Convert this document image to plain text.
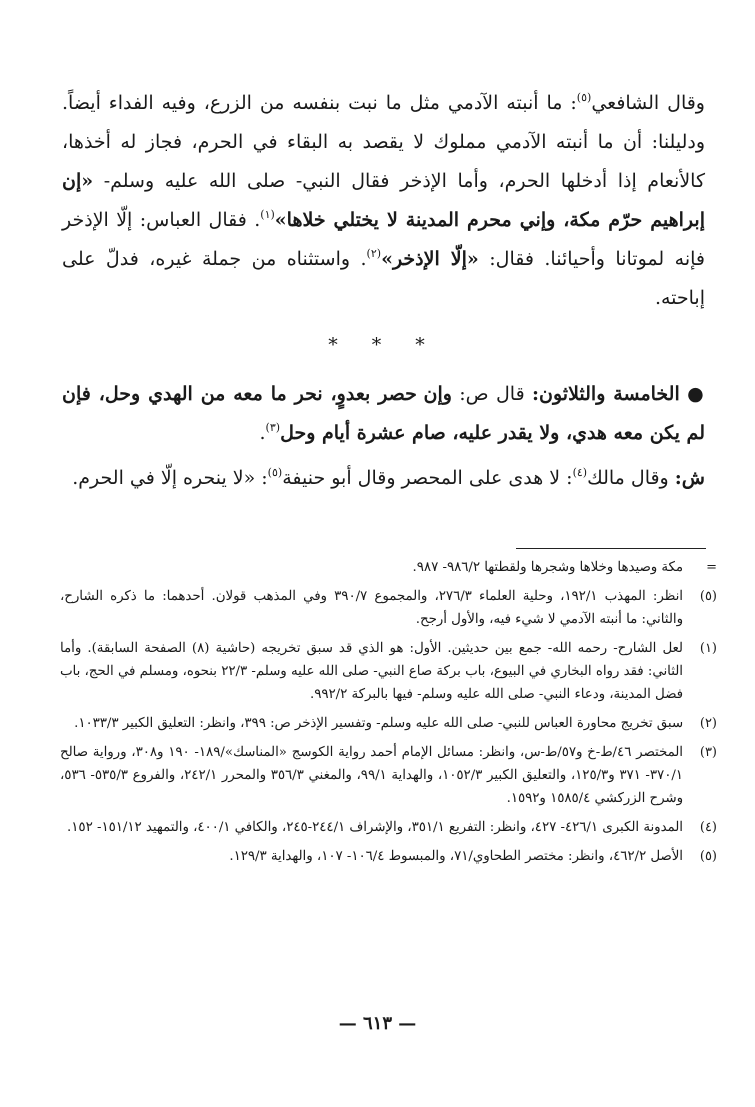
وقال الشافعي$^{(٥)}$: ما أنبته الآدمي مثل ما نبت بنفسه من الزرع، وفيه الفداء أيضاً. ودليلنا: أن ما أنبته الآدمي مملوك لا يقصد به البقاء في الحرم، فجاز له أخذها، كالأنعام إذا أدخلها الحرم، وأما الإذخر فقال النبي- صلى الله عليه وسلم- «إن إبراهيم حرّم مكة، وإني محرم المدينة لا يختلي خلاها»$^{(١)}$. فقال العباس: إلّا الإذخر فإنه لموتانا وأحيائنا. فقال: «إلّا الإذخر»$^{(٢)}$. واستثناه من جملة غيره، فدلّ على إباحته.

* * *

● الخامسة والثلاثون: قال ص: وإن حصر بعدوٍ، نحر ما معه من الهدي وحل، فإن لم يكن معه هدي، ولا يقدر عليه، صام عشرة أيام وحل$^{(٣)}$.

ش: وقال مالك$^{(٤)}$: لا هدى على المحصر وقال أبو حنيفة$^{(٥)}$: «لا ينحره إلّا في الحرم.

=
مكة وصيدها وخلاها وشجرها ولقطتها ٩٨٦/٢- ٩٨٧.
(٥)
انظر: المهذب ١٩٢/١، وحلية العلماء ٢٧٦/٣، والمجموع ٣٩٠/٧ وفي المذهب قولان. أحدهما: ما ذكره الشارح، والثاني: ما أنبته الآدمي لا شيء فيه، والأول أرجح.
(١)
لعل الشارح- رحمه الله- جمع بين حديثين. الأول: هو الذي قد سبق تخريجه (حاشية (٨) الصفحة السابقة). وأما الثاني: فقد رواه البخاري في البيوع، باب بركة صاع النبي- صلى الله عليه وسلم- ٢٢/٣ بنحوه، ومسلم في الحج، باب فضل المدينة، ودعاء النبي- صلى الله عليه وسلم- فيها بالبركة ٩٩٢/٢.
(٢)
سبق تخريج محاورة العباس للنبي- صلى الله عليه وسلم- وتفسير الإذخر ص: ٣٩٩، وانظر: التعليق الكبير ١٠٣٣/٣.
(٣)
المختصر ٤٦/ط-خ و٥٧/ط-س، وانظر: مسائل الإمام أحمد رواية الكوسج «المناسك»/١٨٩- ١٩٠ و٣٠٨، ورواية صالح ٣٧٠/١- ٣٧١ و١٢٥/٣، والتعليق الكبير ١٠٥٢/٣، والهداية ٩٩/١، والمغني ٣٥٦/٣ والمحرر ٢٤٢/١، والفروع ٥٣٥/٣- ٥٣٦، وشرح الزركشي ١٥٨٥/٤ و١٥٩٢.
(٤)
المدونة الكبرى ٤٢٦/١- ٤٢٧، وانظر: التفريع ٣٥١/١، والإشراف ٢٤٤/١-٢٤٥، والكافي ٤٠٠/١، والتمهيد ١٥١/١٢- ١٥٢.
(٥)
الأصل ٤٦٢/٢، وانظر: مختصر الطحاوي/٧١، والمبسوط ١٠٦/٤- ١٠٧، والهداية ١٢٩/٣.
— ٦١٣ —
